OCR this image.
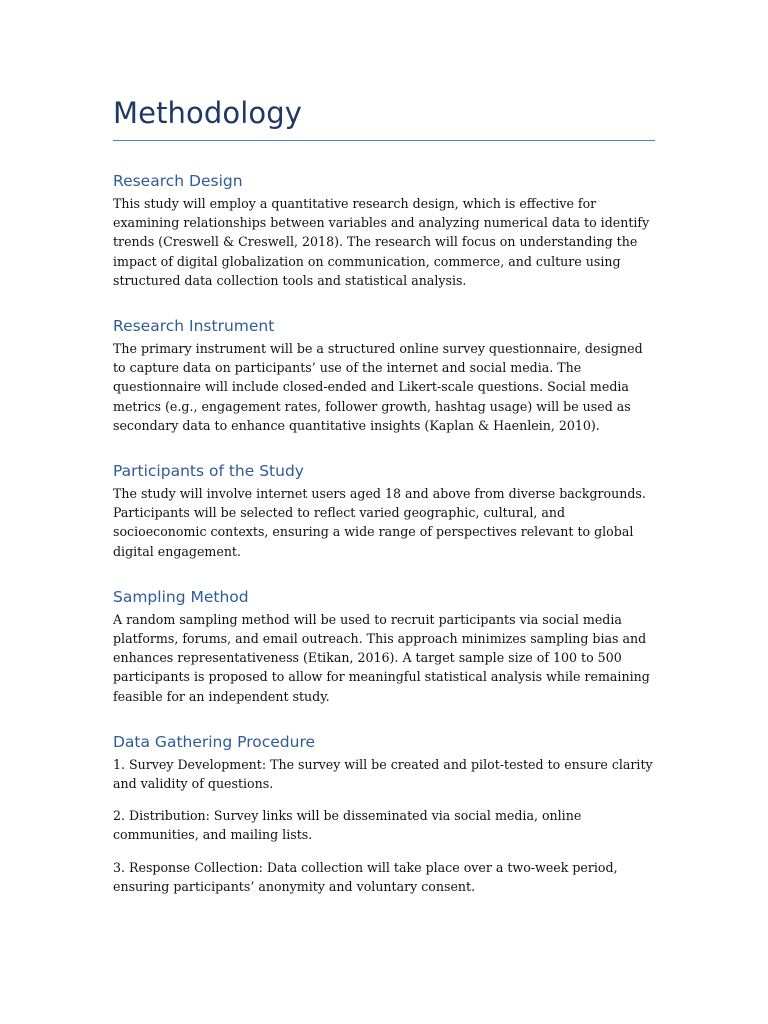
Methodology
Research Design

This study will employ a quantitative research design, which is effective for examining relationships between variables and analyzing numerical data to identify trends (Creswell & Creswell, 2018). The research will focus on understanding the impact of digital globalization on communication, commerce, and culture using structured data collection tools and statistical analysis.

Research Instrument

The primary instrument will be a structured online survey questionnaire, designed to capture data on participants’ use of the internet and social media. The questionnaire will include closed-ended and Likert-scale questions. Social media metrics (e.g., engagement rates, follower growth, hashtag usage) will be used as secondary data to enhance quantitative insights (Kaplan & Haenlein, 2010).

Participants of the Study

The study will involve internet users aged 18 and above from diverse backgrounds. Participants will be selected to reflect varied geographic, cultural, and socioeconomic contexts, ensuring a wide range of perspectives relevant to global digital engagement.

Sampling Method

A random sampling method will be used to recruit participants via social media platforms, forums, and email outreach. This approach minimizes sampling bias and enhances representativeness (Etikan, 2016). A target sample size of 100 to 500 participants is proposed to allow for meaningful statistical analysis while remaining feasible for an independent study.

Data Gathering Procedure

1. Survey Development: The survey will be created and pilot-tested to ensure clarity and validity of questions.

2. Distribution: Survey links will be disseminated via social media, online communities, and mailing lists.

3. Response Collection: Data collection will take place over a two-week period, ensuring participants’ anonymity and voluntary consent.
